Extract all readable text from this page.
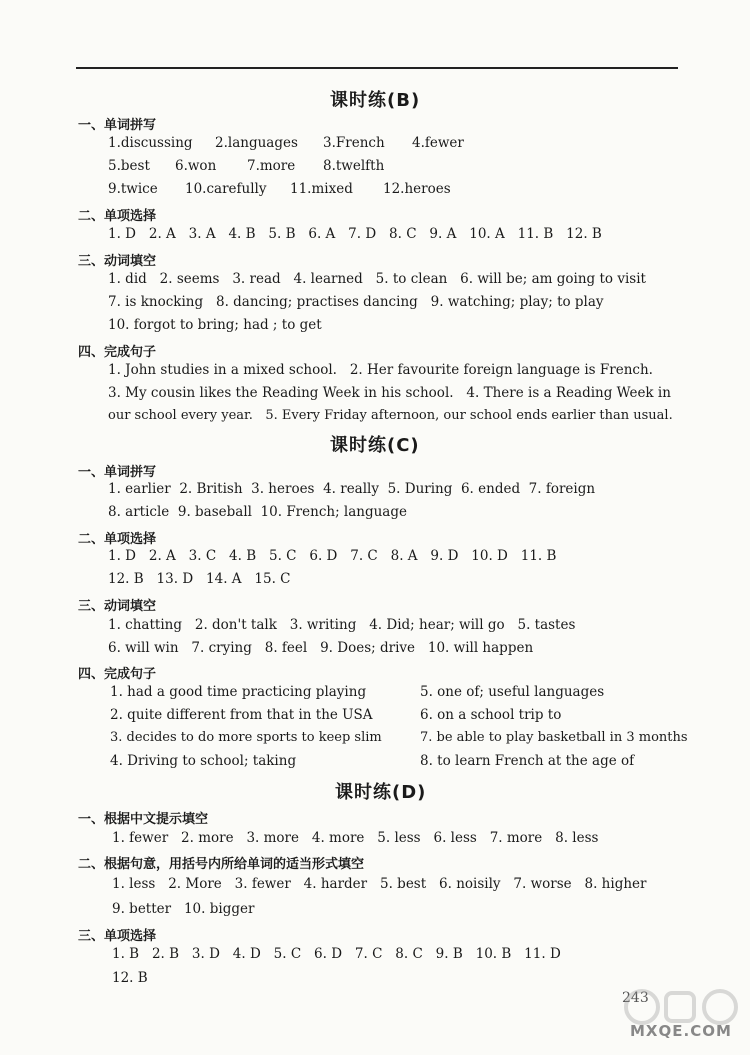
课时练(B)
一、单词拼写
1.discussing 2.languages 3.French 4.fewer
5.best 6.won 7.more 8.twelfth
9.twice 10.carefully 11.mixed 12.heroes
二、单项选择
1. D   2. A   3. A   4. B   5. B   6. A   7. D   8. C   9. A   10. A   11. B   12. B
三、动词填空
1. did   2. seems   3. read   4. learned   5. to clean   6. will be; am going to visit
7. is knocking   8. dancing; practises dancing   9. watching; play; to play
10. forgot to bring; had ; to get
四、完成句子
1. John studies in a mixed school.   2. Her favourite foreign language is French.
3. My cousin likes the Reading Week in his school.   4. There is a Reading Week in
our school every year.   5. Every Friday afternoon, our school ends earlier than usual.
课时练(C)
一、单词拼写
1. earlier  2. British  3. heroes  4. really  5. During  6. ended  7. foreign
8. article  9. baseball  10. French; language
二、单项选择
1. D   2. A   3. C   4. B   5. C   6. D   7. C   8. A   9. D   10. D   11. B
12. B   13. D   14. A   15. C
三、动词填空
1. chatting   2. don't talk   3. writing   4. Did; hear; will go   5. tastes
6. will win   7. crying   8. feel   9. Does; drive   10. will happen
四、完成句子
1. had a good time practicing playing
2. quite different from that in the USA
3. decides to do more sports to keep slim
4. Driving to school; taking
5. one of; useful languages
6. on a school trip to
7. be able to play basketball in 3 months
8. to learn French at the age of
课时练(D)
一、根据中文提示填空
1. fewer   2. more   3. more   4. more   5. less   6. less   7. more   8. less
二、根据句意，用括号内所给单词的适当形式填空
1. less   2. More   3. fewer   4. harder   5. best   6. noisily   7. worse   8. higher
9. better   10. bigger
三、单项选择
1. B   2. B   3. D   4. D   5. C   6. D   7. C   8. C   9. B   10. B   11. D
12. B
243
MXQE.COM
